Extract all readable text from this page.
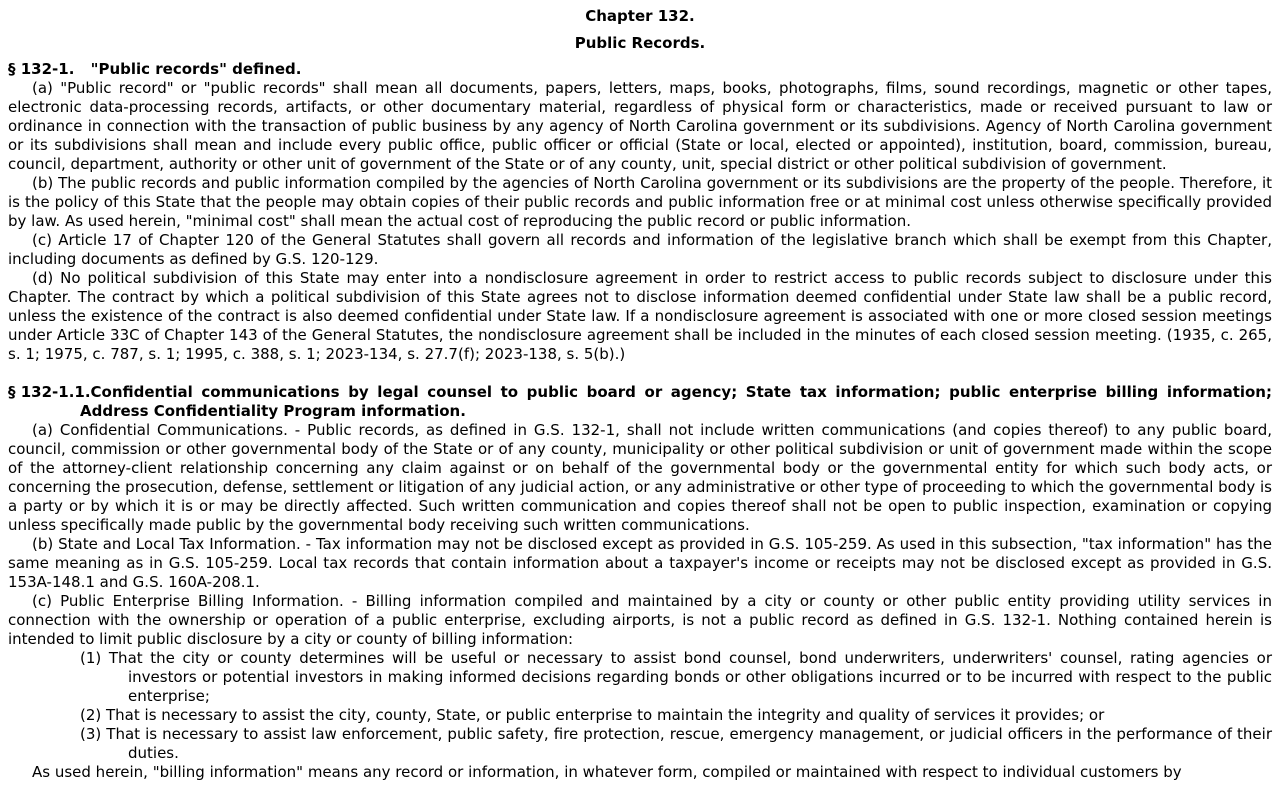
Chapter 132.

Public Records.

§ 132-1. "Public records" defined.

(a) "Public record" or "public records" shall mean all documents, papers, letters, maps, books, photographs, films, sound recordings, magnetic or other tapes, electronic data-processing records, artifacts, or other documentary material, regardless of physical form or characteristics, made or received pursuant to law or ordinance in connection with the transaction of public business by any agency of North Carolina government or its subdivisions. Agency of North Carolina government or its subdivisions shall mean and include every public office, public officer or official (State or local, elected or appointed), institution, board, commission, bureau, council, department, authority or other unit of government of the State or of any county, unit, special district or other political subdivision of government.

(b) The public records and public information compiled by the agencies of North Carolina government or its subdivisions are the property of the people. Therefore, it is the policy of this State that the people may obtain copies of their public records and public information free or at minimal cost unless otherwise specifically provided by law. As used herein, "minimal cost" shall mean the actual cost of reproducing the public record or public information.

(c) Article 17 of Chapter 120 of the General Statutes shall govern all records and information of the legislative branch which shall be exempt from this Chapter, including documents as defined by G.S. 120-129.

(d) No political subdivision of this State may enter into a nondisclosure agreement in order to restrict access to public records subject to disclosure under this Chapter. The contract by which a political subdivision of this State agrees not to disclose information deemed confidential under State law shall be a public record, unless the existence of the contract is also deemed confidential under State law. If a nondisclosure agreement is associated with one or more closed session meetings under Article 33C of Chapter 143 of the General Statutes, the nondisclosure agreement shall be included in the minutes of each closed session meeting. (1935, c. 265, s. 1; 1975, c. 787, s. 1; 1995, c. 388, s. 1; 2023-134, s. 27.7(f); 2023-138, s. 5(b).)

§ 132-1.1.Confidential communications by legal counsel to public board or agency; State tax information; public enterprise billing information; Address Confidentiality Program information.

(a) Confidential Communications. - Public records, as defined in G.S. 132-1, shall not include written communications (and copies thereof) to any public board, council, commission or other governmental body of the State or of any county, municipality or other political subdivision or unit of government made within the scope of the attorney-client relationship concerning any claim against or on behalf of the governmental body or the governmental entity for which such body acts, or concerning the prosecution, defense, settlement or litigation of any judicial action, or any administrative or other type of proceeding to which the governmental body is a party or by which it is or may be directly affected. Such written communication and copies thereof shall not be open to public inspection, examination or copying unless specifically made public by the governmental body receiving such written communications.

(b) State and Local Tax Information. - Tax information may not be disclosed except as provided in G.S. 105-259. As used in this subsection, "tax information" has the same meaning as in G.S. 105-259. Local tax records that contain information about a taxpayer's income or receipts may not be disclosed except as provided in G.S. 153A-148.1 and G.S. 160A-208.1.

(c) Public Enterprise Billing Information. - Billing information compiled and maintained by a city or county or other public entity providing utility services in connection with the ownership or operation of a public enterprise, excluding airports, is not a public record as defined in G.S. 132-1. Nothing contained herein is intended to limit public disclosure by a city or county of billing information:

(1) That the city or county determines will be useful or necessary to assist bond counsel, bond underwriters, underwriters' counsel, rating agencies or investors or potential investors in making informed decisions regarding bonds or other obligations incurred or to be incurred with respect to the public enterprise;

(2) That is necessary to assist the city, county, State, or public enterprise to maintain the integrity and quality of services it provides; or

(3) That is necessary to assist law enforcement, public safety, fire protection, rescue, emergency management, or judicial officers in the performance of their duties.

As used herein, "billing information" means any record or information, in whatever form, compiled or maintained with respect to individual customers by
